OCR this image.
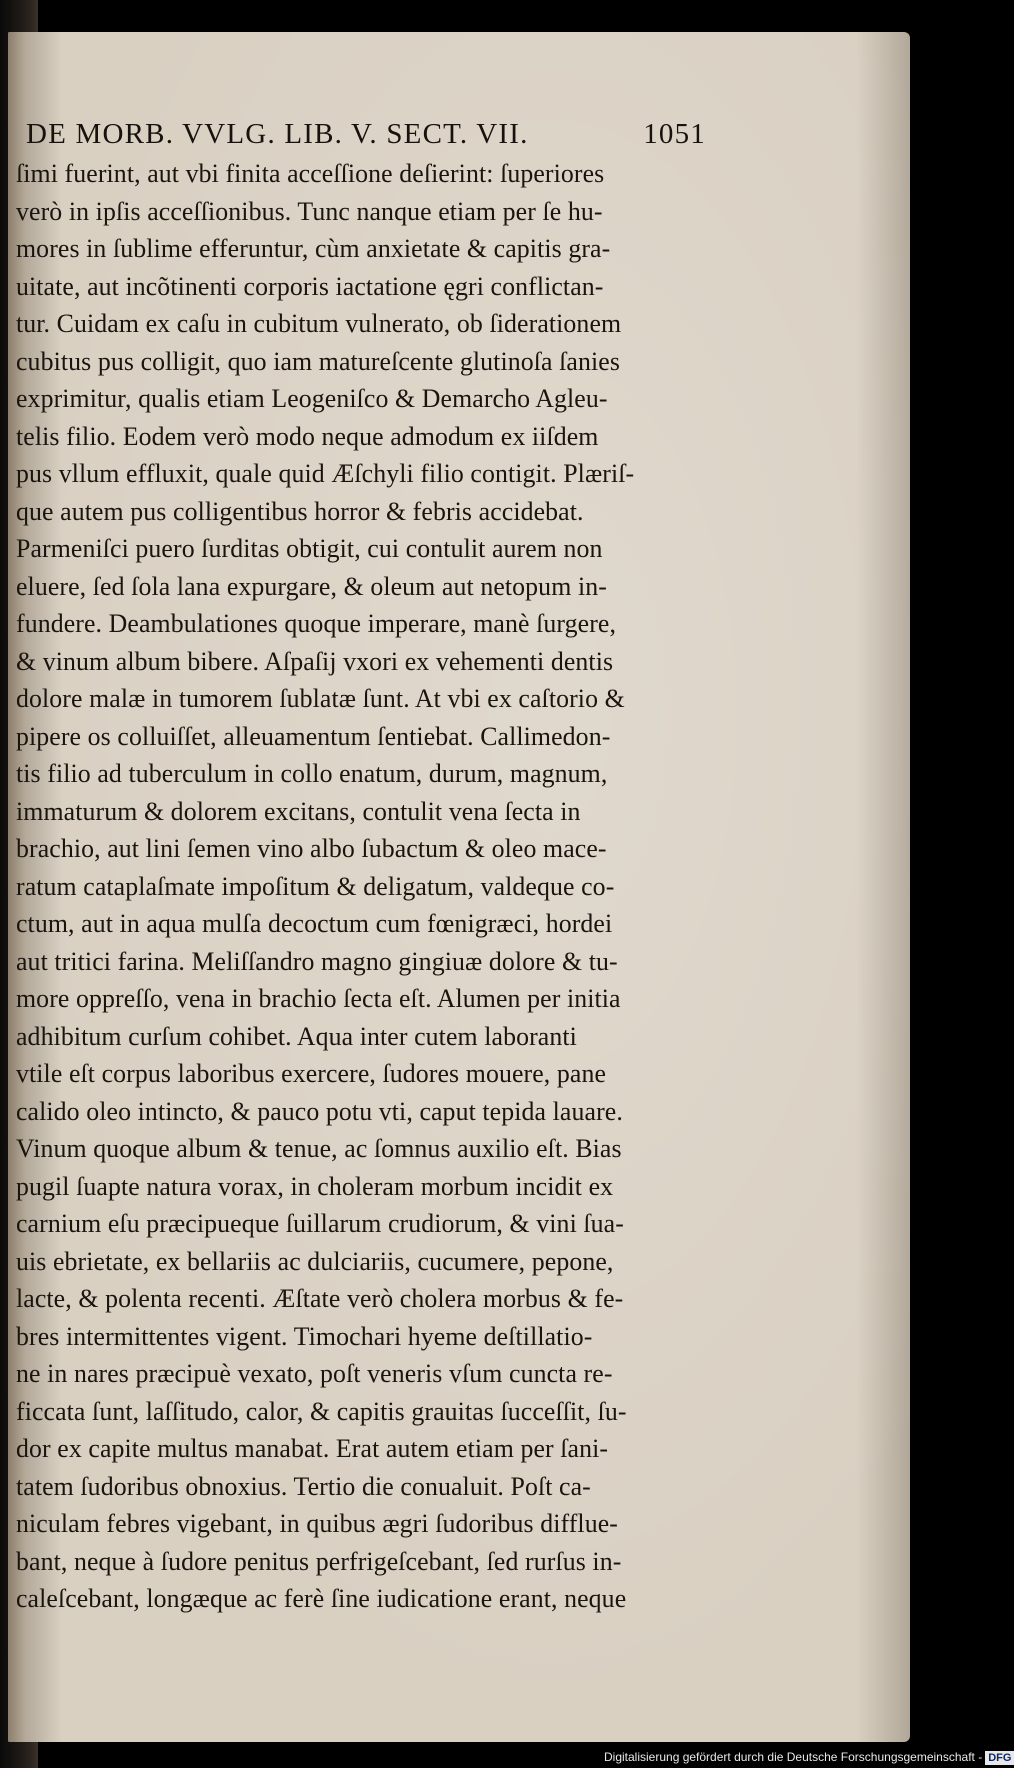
DE MORB. VVLG. LIB. V. SECT. VII.	1051
ſimi fuerint, aut vbi finita acceſſione deſierint: ſuperiores
verò in ipſis acceſſionibus. Tunc nanque etiam per ſe hu-
mores in ſublime efferuntur, cùm anxietate & capitis gra-
uitate, aut incõtinenti corporis iactatione ęgri conflictan-
tur. Cuidam ex caſu in cubitum vulnerato, ob ſiderationem
cubitus pus colligit, quo iam matureſcente glutinoſa ſanies
exprimitur, qualis etiam Leogeniſco & Demarcho Agleu-
telis filio. Eodem verò modo neque admodum ex iiſdem
pus vllum effluxit, quale quid Æſchyli filio contigit. Plæriſ-
que autem pus colligentibus horror & febris accidebat.
Parmeniſci puero ſurditas obtigit, cui contulit aurem non
eluere, ſed ſola lana expurgare, & oleum aut netopum in-
fundere. Deambulationes quoque imperare, manè ſurgere,
& vinum album bibere. Aſpaſij vxori ex vehementi dentis
dolore malæ in tumorem ſublatæ ſunt. At vbi ex caſtorio &
pipere os colluiſſet, alleuamentum ſentiebat. Callimedon-
tis filio ad tuberculum in collo enatum, durum, magnum,
immaturum & dolorem excitans, contulit vena ſecta in
brachio, aut lini ſemen vino albo ſubactum & oleo mace-
ratum cataplaſmate impoſitum & deligatum, valdeque co-
ctum, aut in aqua mulſa decoctum cum fœnigræci, hordei
aut tritici farina. Meliſſandro magno gingiuæ dolore & tu-
more oppreſſo, vena in brachio ſecta eſt. Alumen per initia
adhibitum curſum cohibet. Aqua inter cutem laboranti
vtile eſt corpus laboribus exercere, ſudores mouere, pane
calido oleo intincto, & pauco potu vti, caput tepida lauare.
Vinum quoque album & tenue, ac ſomnus auxilio eſt. Bias
pugil ſuapte natura vorax, in choleram morbum incidit ex
carnium eſu præcipueque ſuillarum crudiorum, & vini ſua-
uis ebrietate, ex bellariis ac dulciariis, cucumere, pepone,
lacte, & polenta recenti. Æſtate verò cholera morbus & fe-
bres intermittentes vigent. Timochari hyeme deſtillatio-
ne in nares præcipuè vexato, poſt veneris vſum cuncta re-
ficcata ſunt, laſſitudo, calor, & capitis grauitas ſucceſſit, ſu-
dor ex capite multus manabat. Erat autem etiam per ſani-
tatem ſudoribus obnoxius. Tertio die conualuit. Poſt ca-
niculam febres vigebant, in quibus ægri ſudoribus difflue-
bant, neque à ſudore penitus perfrigeſcebant, ſed rurſus in-
caleſcebant, longæque ac ferè ſine iudicatione erant, neque
Digitalisierung gefördert durch die Deutsche Forschungsgemeinschaft - DFG
